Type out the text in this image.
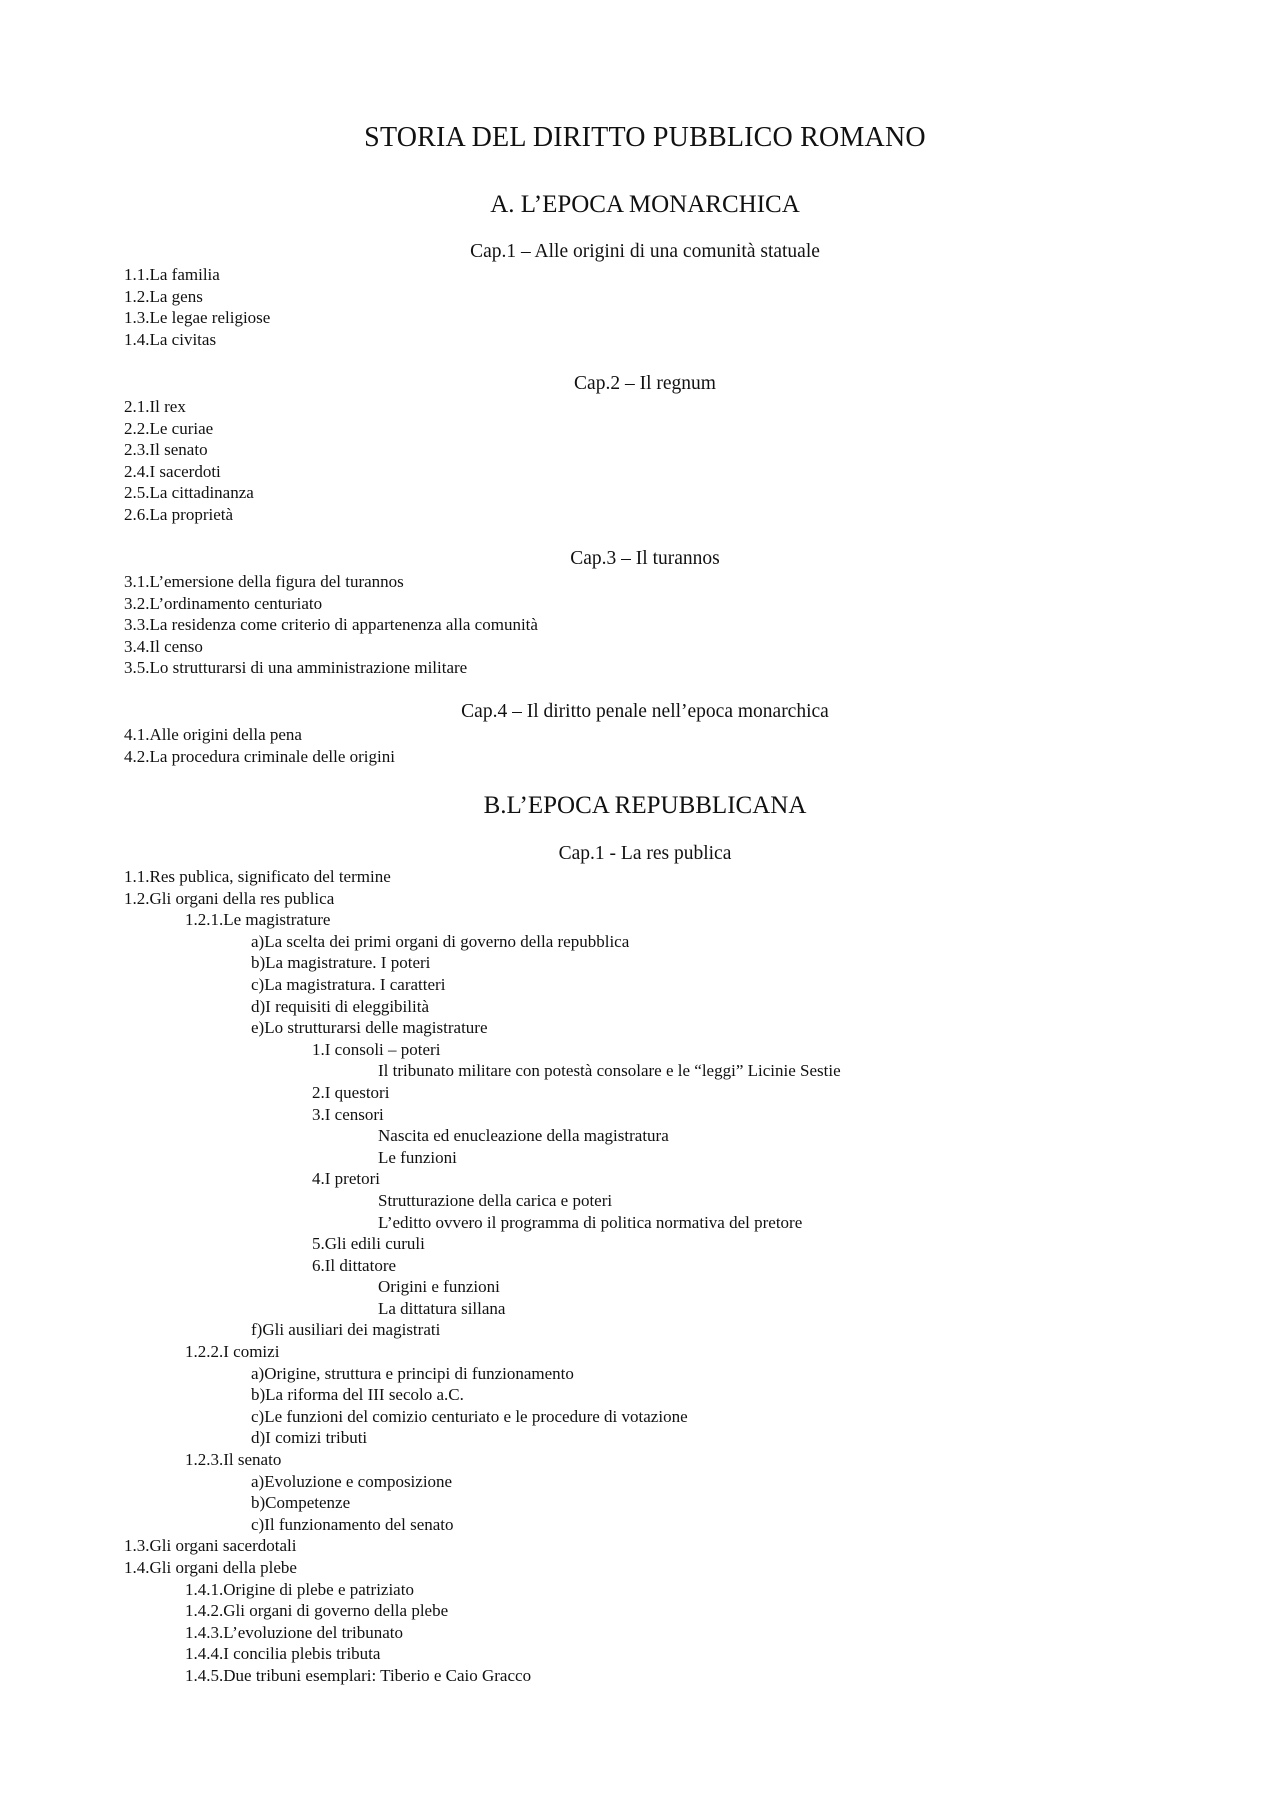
STORIA DEL DIRITTO PUBBLICO ROMANO
A. L’EPOCA MONARCHICA
Cap.1 – Alle origini di una comunità statuale
1.1.La familia
1.2.La gens
1.3.Le legae religiose
1.4.La civitas
Cap.2 – Il regnum
2.1.Il rex
2.2.Le curiae
2.3.Il senato
2.4.I sacerdoti
2.5.La cittadinanza
2.6.La proprietà
Cap.3 – Il turannos
3.1.L’emersione della figura del turannos
3.2.L’ordinamento centuriato
3.3.La residenza come criterio di appartenenza alla comunità
3.4.Il censo
3.5.Lo strutturarsi di una amministrazione militare
Cap.4 – Il diritto penale nell’epoca monarchica
4.1.Alle origini della pena
4.2.La procedura criminale delle origini
B.L’EPOCA REPUBBLICANA
Cap.1 - La res publica
1.1.Res publica, significato del termine
1.2.Gli organi della res publica
1.2.1.Le magistrature
a)La scelta dei primi organi di governo della repubblica
b)La magistrature. I poteri
c)La magistratura. I caratteri
d)I requisiti di eleggibilità
e)Lo strutturarsi delle magistrature
1.I consoli – poteri
Il tribunato militare con potestà consolare e le “leggi” Licinie Sestie
2.I questori
3.I censori
Nascita ed enucleazione della magistratura
Le funzioni
4.I pretori
Strutturazione della carica e poteri
L’editto ovvero il programma di politica normativa del pretore
5.Gli edili curuli
6.Il dittatore
Origini e funzioni
La dittatura sillana
f)Gli ausiliari dei magistrati
1.2.2.I comizi
a)Origine, struttura e principi di funzionamento
b)La riforma del III secolo a.C.
c)Le funzioni del comizio centuriato e le procedure di votazione
d)I comizi tributi
1.2.3.Il senato
a)Evoluzione e composizione
b)Competenze
c)Il funzionamento del senato
1.3.Gli organi sacerdotali
1.4.Gli organi della plebe
1.4.1.Origine di plebe e patriziato
1.4.2.Gli organi di governo della plebe
1.4.3.L’evoluzione del tribunato
1.4.4.I concilia plebis tributa
1.4.5.Due tribuni esemplari: Tiberio e Caio Gracco
